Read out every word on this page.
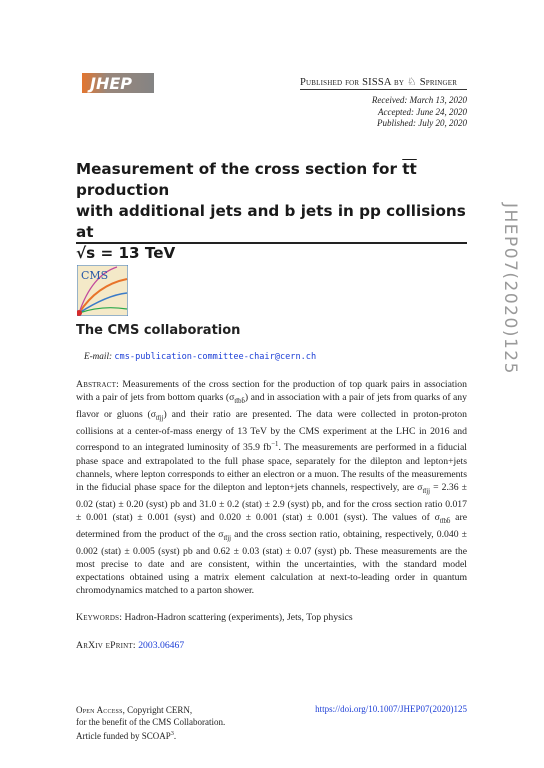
JHEP	Published for SISSA by ♘ Springer
Received: March 13, 2020
Accepted: June 24, 2020
Published: July 20, 2020
Measurement of the cross section for $\overline{tt}$ production
with additional jets and b jets in pp collisions at
√s = 13 TeV	JHEP07(2020)125
CMS
The CMS collaboration
E-mail: cms-publication-committee-chair@cern.ch
Abstract: Measurements of the cross section for the production of top quark pairs in association with a pair of jets from bottom quarks $(\sigma_{tt̄bb̄})$ and in association with a pair of jets from quarks of any flavor or gluons $(\sigma_{tt̄jj})$ and their ratio are presented. The data were collected in proton-proton collisions at a center-of-mass energy of 13 TeV by the CMS experiment at the LHC in 2016 and correspond to an integrated luminosity of 35.9 $fb^{-1}$. The measurements are performed in a fiducial phase space and extrapolated to the full phase space, separately for the dilepton and lepton+jets channels, where lepton corresponds to either an electron or a muon. The results of the measurements in the fiducial phase space for the dilepton and lepton+jets channels, respectively, are $\sigma_{tt̄jj} = 2.36 \pm 0.02$ (stat) ± 0.20 (syst) pb and 31.0 ± 0.2 (stat) ± 2.9 (syst) pb, and for the cross section ratio 0.017 ± 0.001 (stat) ± 0.001 (syst) and 0.020 ± 0.001 (stat) ± 0.001 (syst). The values of $\sigma_{tt̄bb̄}$ are determined from the product of the $\sigma_{tt̄jj}$ and the cross section ratio, obtaining, respectively, 0.040 ± 0.002 (stat) ± 0.005 (syst) pb and 0.62 ± 0.03 (stat) ± 0.07 (syst) pb. These measurements are the most precise to date and are consistent, within the uncertainties, with the standard model expectations obtained using a matrix element calculation at next-to-leading order in quantum chromodynamics matched to a parton shower.
Keywords: Hadron-Hadron scattering (experiments), Jets, Top physics
ArXiv ePrint: 2003.06467
Open Access, Copyright CERN,
for the benefit of the CMS Collaboration.
Article funded by SCOAP$^3$.
https://doi.org/10.1007/JHEP07(2020)125
